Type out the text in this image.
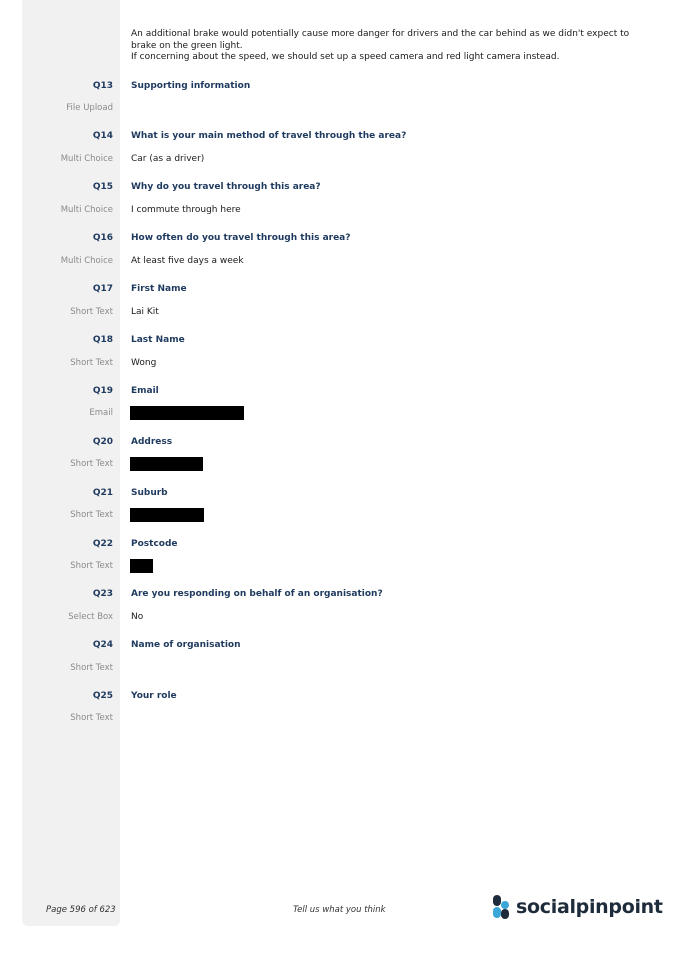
An additional brake would potentially cause more danger for drivers and the car behind as we didn't expect to brake on the green light.

If concerning about the speed, we should set up a speed camera and red light camera instead.

Q13 Supporting information
File Upload
Q14 What is your main method of travel through the area?
Multi Choice Car (as a driver)
Q15 Why do you travel through this area?
Multi Choice I commute through here
Q16 How often do you travel through this area?
Multi Choice At least five days a week
Q17 First Name
Short Text Lai Kit
Q18 Last Name
Short Text Wong
Q19 Email
Email
Q20 Address
Short Text
Q21 Suburb
Short Text
Q22 Postcode
Short Text
Q23 Are you responding on behalf of an organisation?
Select Box No
Q24 Name of organisation
Short Text
Q25 Your role
Short Text
Page 596 of 623	Tell us what you think	socialpinpoint
